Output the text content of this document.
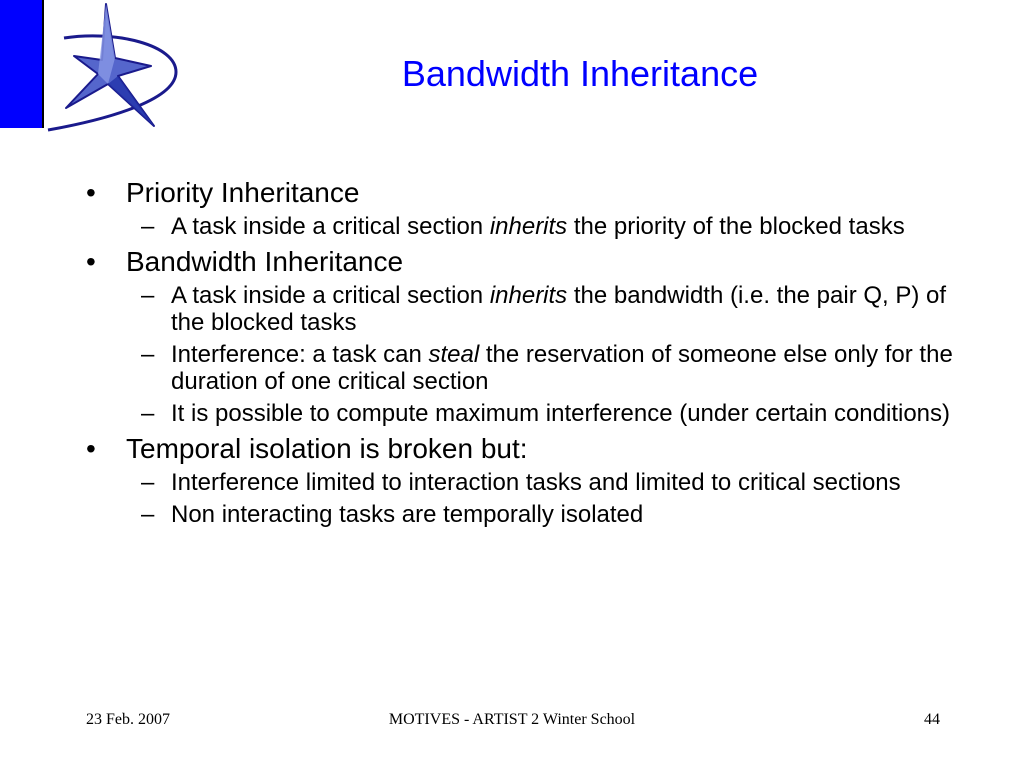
Bandwidth Inheritance
• Priority Inheritance
– A task inside a critical section inherits the priority of the blocked tasks
• Bandwidth Inheritance
– A task inside a critical section inherits the bandwidth (i.e. the pair Q, P) of the blocked tasks
– Interference: a task can steal the reservation of someone else only for the duration of one critical section
– It is possible to compute maximum interference (under certain conditions)
• Temporal isolation is broken but:
– Interference limited to interaction tasks and limited to critical sections
– Non interacting tasks are temporally isolated
23 Feb. 2007	MOTIVES - ARTIST 2 Winter School	44
